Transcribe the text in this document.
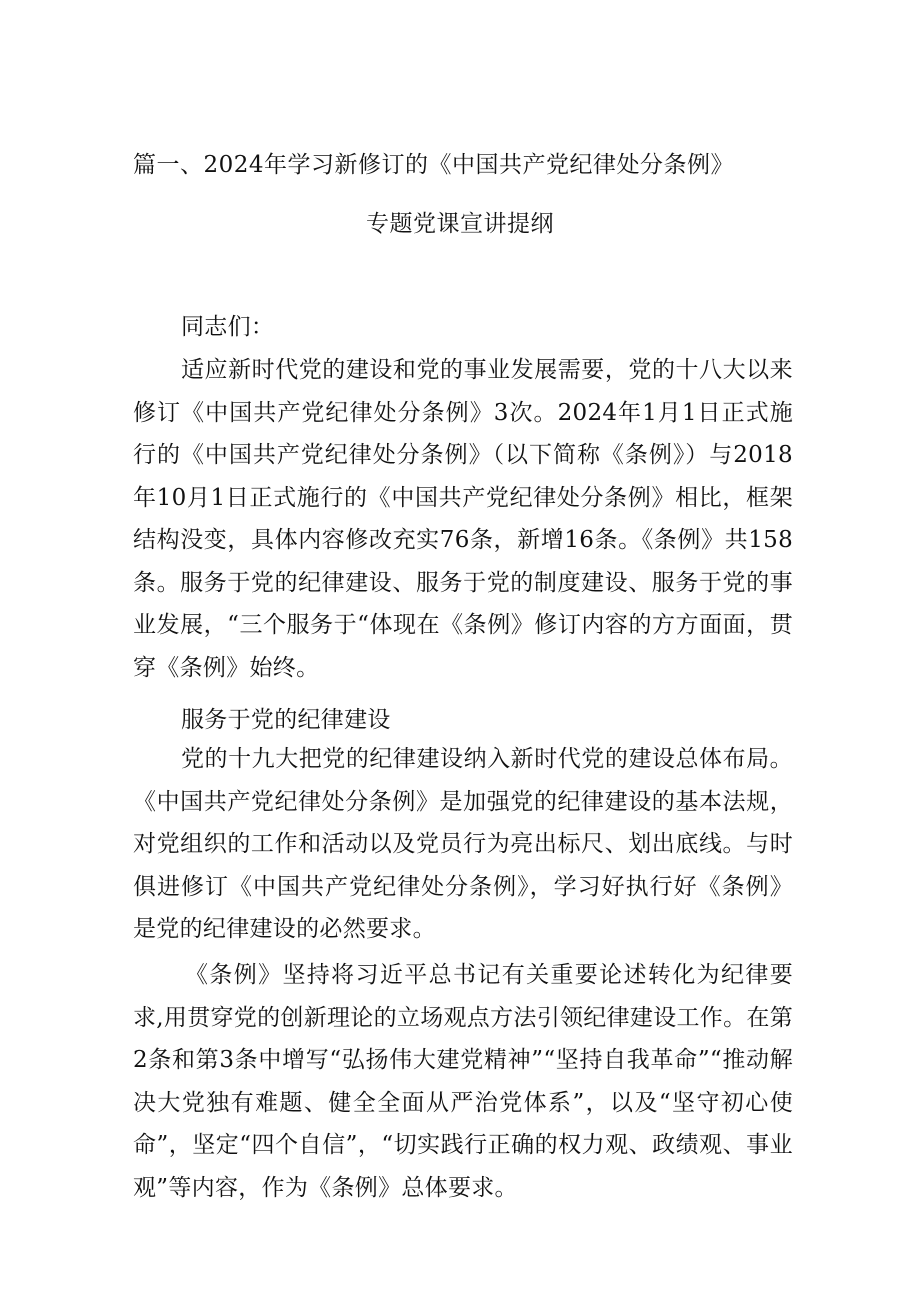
篇一、2024年学习新修订的《中国共产党纪律处分条例》
专题党课宣讲提纲

同志们：

适应新时代党的建设和党的事业发展需要，党的十八大以来修订《中国共产党纪律处分条例》3次。2024年1月1日正式施行的《中国共产党纪律处分条例》（以下简称《条例》）与2018年10月1日正式施行的《中国共产党纪律处分条例》相比，框架结构没变，具体内容修改充实76条，新增16条。《条例》共158条。服务于党的纪律建设、服务于党的制度建设、服务于党的事业发展，“三个服务于“体现在《条例》修订内容的方方面面，贯穿《条例》始终。

服务于党的纪律建设

党的十九大把党的纪律建设纳入新时代党的建设总体布局。《中国共产党纪律处分条例》是加强党的纪律建设的基本法规，对党组织的工作和活动以及党员行为亮出标尺、划出底线。与时俱进修订《中国共产党纪律处分条例》，学习好执行好《条例》是党的纪律建设的必然要求。

《条例》坚持将习近平总书记有关重要论述转化为纪律要求,用贯穿党的创新理论的立场观点方法引领纪律建设工作。在第2条和第3条中增写“弘扬伟大建党精神”“坚持自我革命”“推动解决大党独有难题、健全全面从严治党体系”，以及“坚守初心使命”，坚定“四个自信”，“切实践行正确的权力观、政绩观、事业观”等内容，作为《条例》总体要求。
